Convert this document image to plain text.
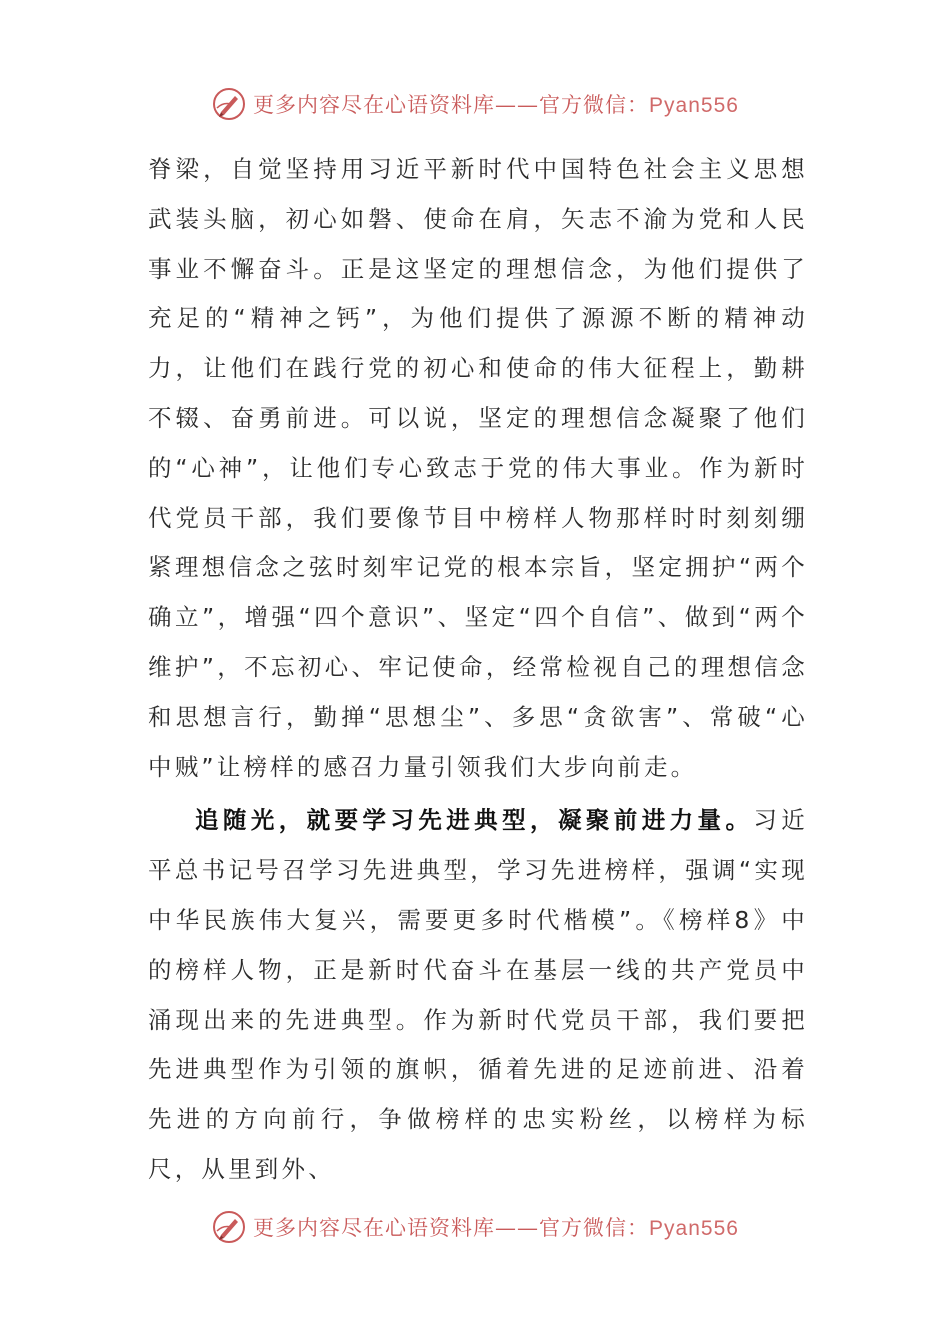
更多内容尽在心语资料库——官方微信：Pyan556

脊梁，自觉坚持用习近平新时代中国特色社会主义思想武装头脑，初心如磐、使命在肩，矢志不渝为党和人民事业不懈奋斗。正是这坚定的理想信念，为他们提供了充足的“精神之钙”，为他们提供了源源不断的精神动力，让他们在践行党的初心和使命的伟大征程上，勤耕不辍、奋勇前进。可以说，坚定的理想信念凝聚了他们的“心神”，让他们专心致志于党的伟大事业。作为新时代党员干部，我们要像节目中榜样人物那样时时刻刻绷紧理想信念之弦时刻牢记党的根本宗旨，坚定拥护“两个确立”，增强“四个意识”、坚定“四个自信”、做到“两个维护”，不忘初心、牢记使命，经常检视自己的理想信念和思想言行，勤掸“思想尘”、多思“贪欲害”、常破“心中贼”让榜样的感召力量引领我们大步向前走。

追随光，就要学习先进典型，凝聚前进力量。习近平总书记号召学习先进典型，学习先进榜样，强调“实现中华民族伟大复兴，需要更多时代楷模”。《榜样8》中的榜样人物，正是新时代奋斗在基层一线的共产党员中涌现出来的先进典型。作为新时代党员干部，我们要把先进典型作为引领的旗帜，循着先进的足迹前进、沿着先进的方向前行，争做榜样的忠实粉丝，以榜样为标尺，从里到外、

更多内容尽在心语资料库——官方微信：Pyan556
